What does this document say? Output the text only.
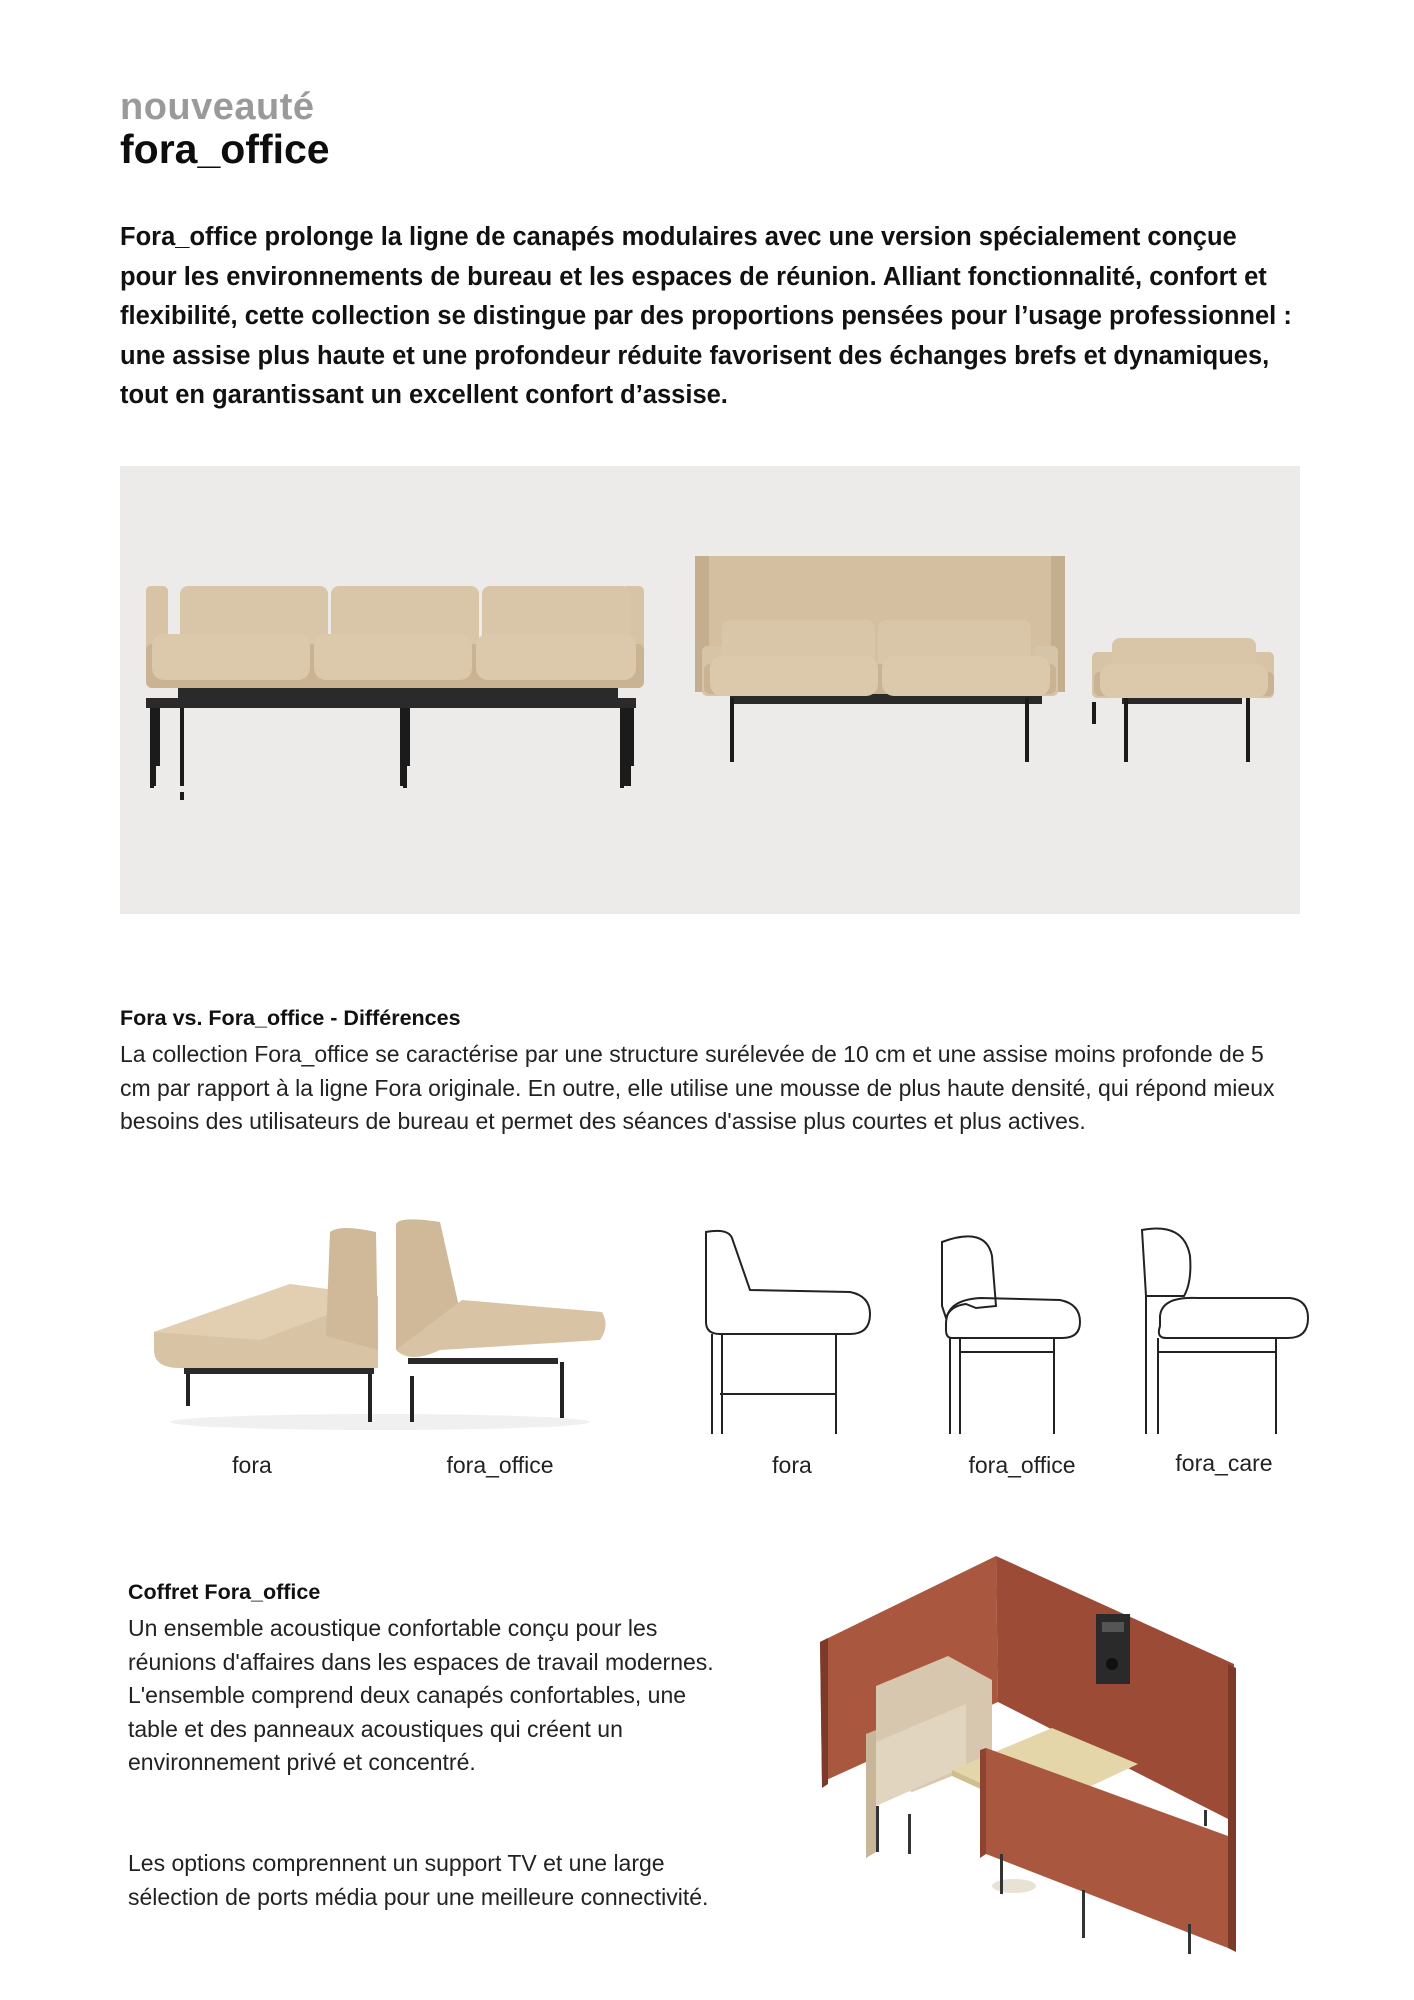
nouveauté
fora_office
Fora_office prolonge la ligne de canapés modulaires avec une version spécialement conçue pour les environnements de bureau et les espaces de réunion. Alliant fonctionnalité, confort et flexibilité, cette collection se distingue par des proportions pensées pour l’usage professionnel : une assise plus haute et une profondeur réduite favorisent des échanges brefs et dynamiques, tout en garantissant un excellent confort d’assise.
Fora vs. Fora_office - Différences
La collection Fora_office se caractérise par une structure surélevée de 10 cm et une assise moins profonde de 5 cm par rapport à la ligne Fora originale. En outre, elle utilise une mousse de plus haute densité, qui répond mieux besoins des utilisateurs de bureau et permet des séances d'assise plus courtes et plus actives.
fora	fora_office	fora	fora_office	fora_care
Coffret Fora_office
Un ensemble acoustique confortable conçu pour les réunions d'affaires dans les espaces de travail modernes. L'ensemble comprend deux canapés confortables, une table et des panneaux acoustiques qui créent un environnement privé et concentré.
Les options comprennent un support TV et une large sélection de ports média pour une meilleure connectivité.
